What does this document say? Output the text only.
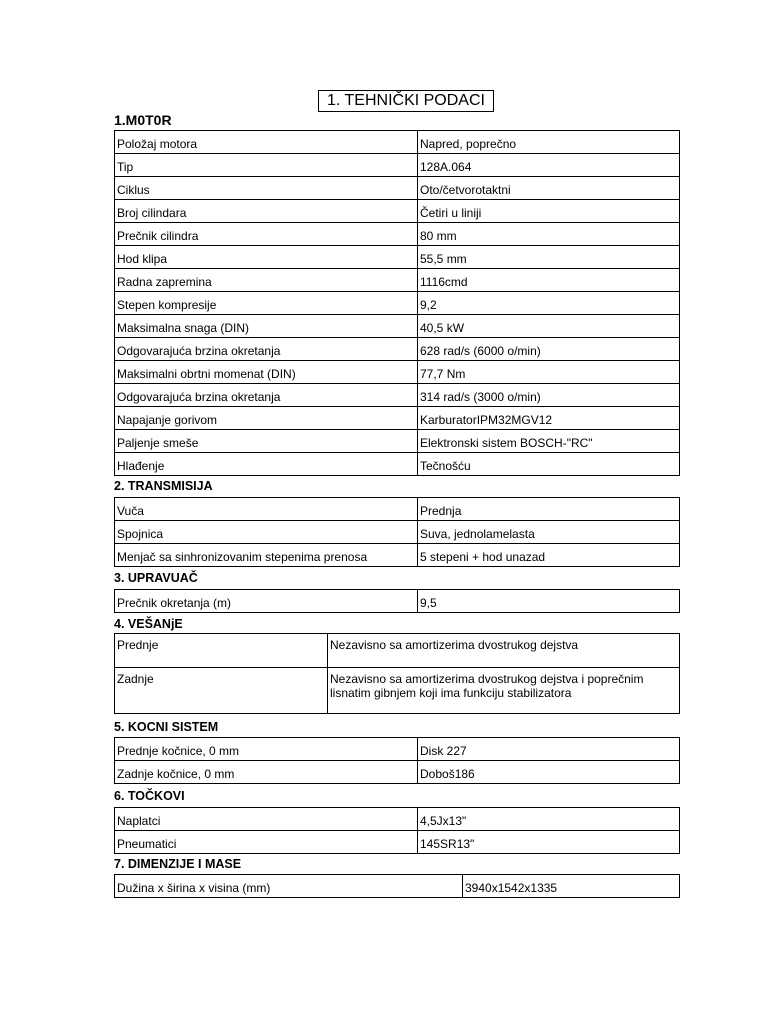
1. TEHNIČKI PODACI
1.M0T0R
Položaj motora	Napred, poprečno
Tip	128A.064
Ciklus	Oto/četvorotaktni
Broj cilindara	Četiri u liniji
Prečnik cilindra	80 mm
Hod klipa	55,5 mm
Radna zapremina	1116cmd
Stepen kompresije	9,2
Maksimalna snaga (DIN)	40,5 kW
Odgovarajuća brzina okretanja	628 rad/s (6000 o/min)
Maksimalni obrtni momenat (DIN)	77,7 Nm
Odgovarajuća brzina okretanja	314 rad/s (3000 o/min)
Napajanje gorivom	KarburatorIPM32MGV12
Paljenje smeše	Elektronski sistem BOSCH-"RC"
Hlađenje	Tečnošću
2. TRANSMISIJA
Vuča	Prednja
Spojnica	Suva, jednolamelasta
Menjač sa sinhronizovanim stepenima prenosa	5 stepeni + hod unazad
3. UPRAVUAČ
Prečnik okretanja (m)	9,5
4. VEŠANjE
Prednje	Nezavisno sa amortizerima dvostrukog dejstva
Zadnje	Nezavisno sa amortizerima dvostrukog dejstva i poprečnim lisnatim gibnjem koji ima funkciju stabilizatora
5. KOCNI SISTEM
Prednje kočnice, 0 mm	Disk 227
Zadnje kočnice, 0 mm	Doboš186
6. TOČKOVI
Naplatci	4,5Jx13"
Pneumatici	145SR13"
7. DIMENZIJE I MASE
Dužina x širina x visina (mm)	3940x1542x1335
